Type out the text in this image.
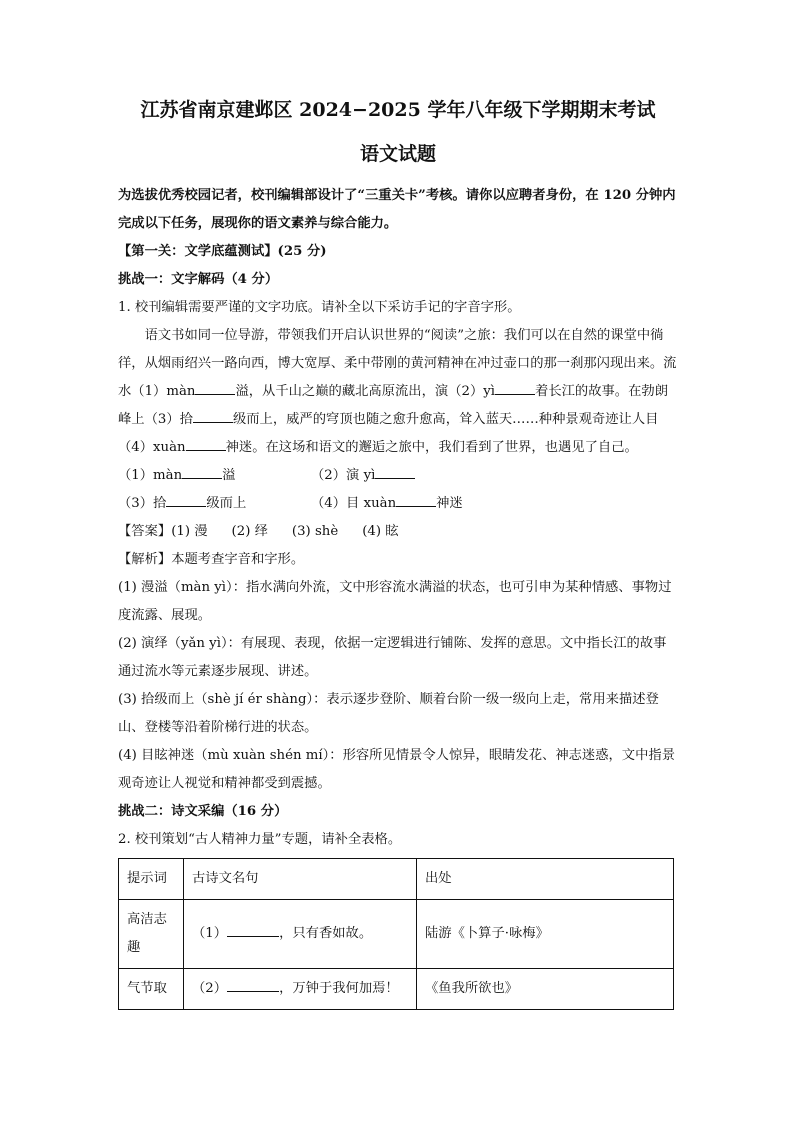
江苏省南京建邺区 2024−2025 学年八年级下学期期末考试
语文试题

为选拔优秀校园记者，校刊编辑部设计了“三重关卡”考核。请你以应聘者身份，在 120 分钟内完成以下任务，展现你的语文素养与综合能力。

【第一关：文学底蕴测试】(25 分)

挑战一：文字解码（4 分）

1. 校刊编辑需要严谨的文字功底。请补全以下采访手记的字音字形。

语文书如同一位导游，带领我们开启认识世界的“阅读”之旅：我们可以在自然的课堂中徜徉，从烟雨绍兴一路向西，博大宽厚、柔中带刚的黄河精神在冲过壶口的那一刹那闪现出来。流水（1）màn	溢，从千山之巅的藏北高原流出，演（2）yì	着长江的故事。在勃朗峰上（3）拾	级而上，威严的穹顶也随之愈升愈高，耸入蓝天……种种景观奇迹让人目（4）xuàn	神迷。在这场和语文的邂逅之旅中，我们看到了世界，也遇见了自己。

（1）màn	溢	（2）演 yì

（3）拾	级而上	（4）目 xuàn	神迷

【答案】(1) 漫 (2) 绎 (3) shè (4) 眩

【解析】本题考查字音和字形。

(1) 漫溢（màn yì）：指水满向外流，文中形容流水满溢的状态，也可引申为某种情感、事物过度流露、展现。

(2) 演绎（yǎn yì）：有展现、表现，依据一定逻辑进行铺陈、发挥的意思。文中指长江的故事通过流水等元素逐步展现、讲述。

(3) 拾级而上（shè jí ér shàng）：表示逐步登阶、顺着台阶一级一级向上走，常用来描述登山、登楼等沿着阶梯行进的状态。

(4) 目眩神迷（mù xuàn shén mí）：形容所见情景令人惊异，眼睛发花、神志迷惑，文中指景观奇迹让人视觉和精神都受到震撼。

挑战二：诗文采编（16 分）

2. 校刊策划“古人精神力量”专题，请补全表格。

提示词	古诗文名句	出处
高洁志趣	（1） ，只有香如故。	陆游《卜算子·咏梅》
气节取	（2） ，万钟于我何加焉！	《鱼我所欲也》
